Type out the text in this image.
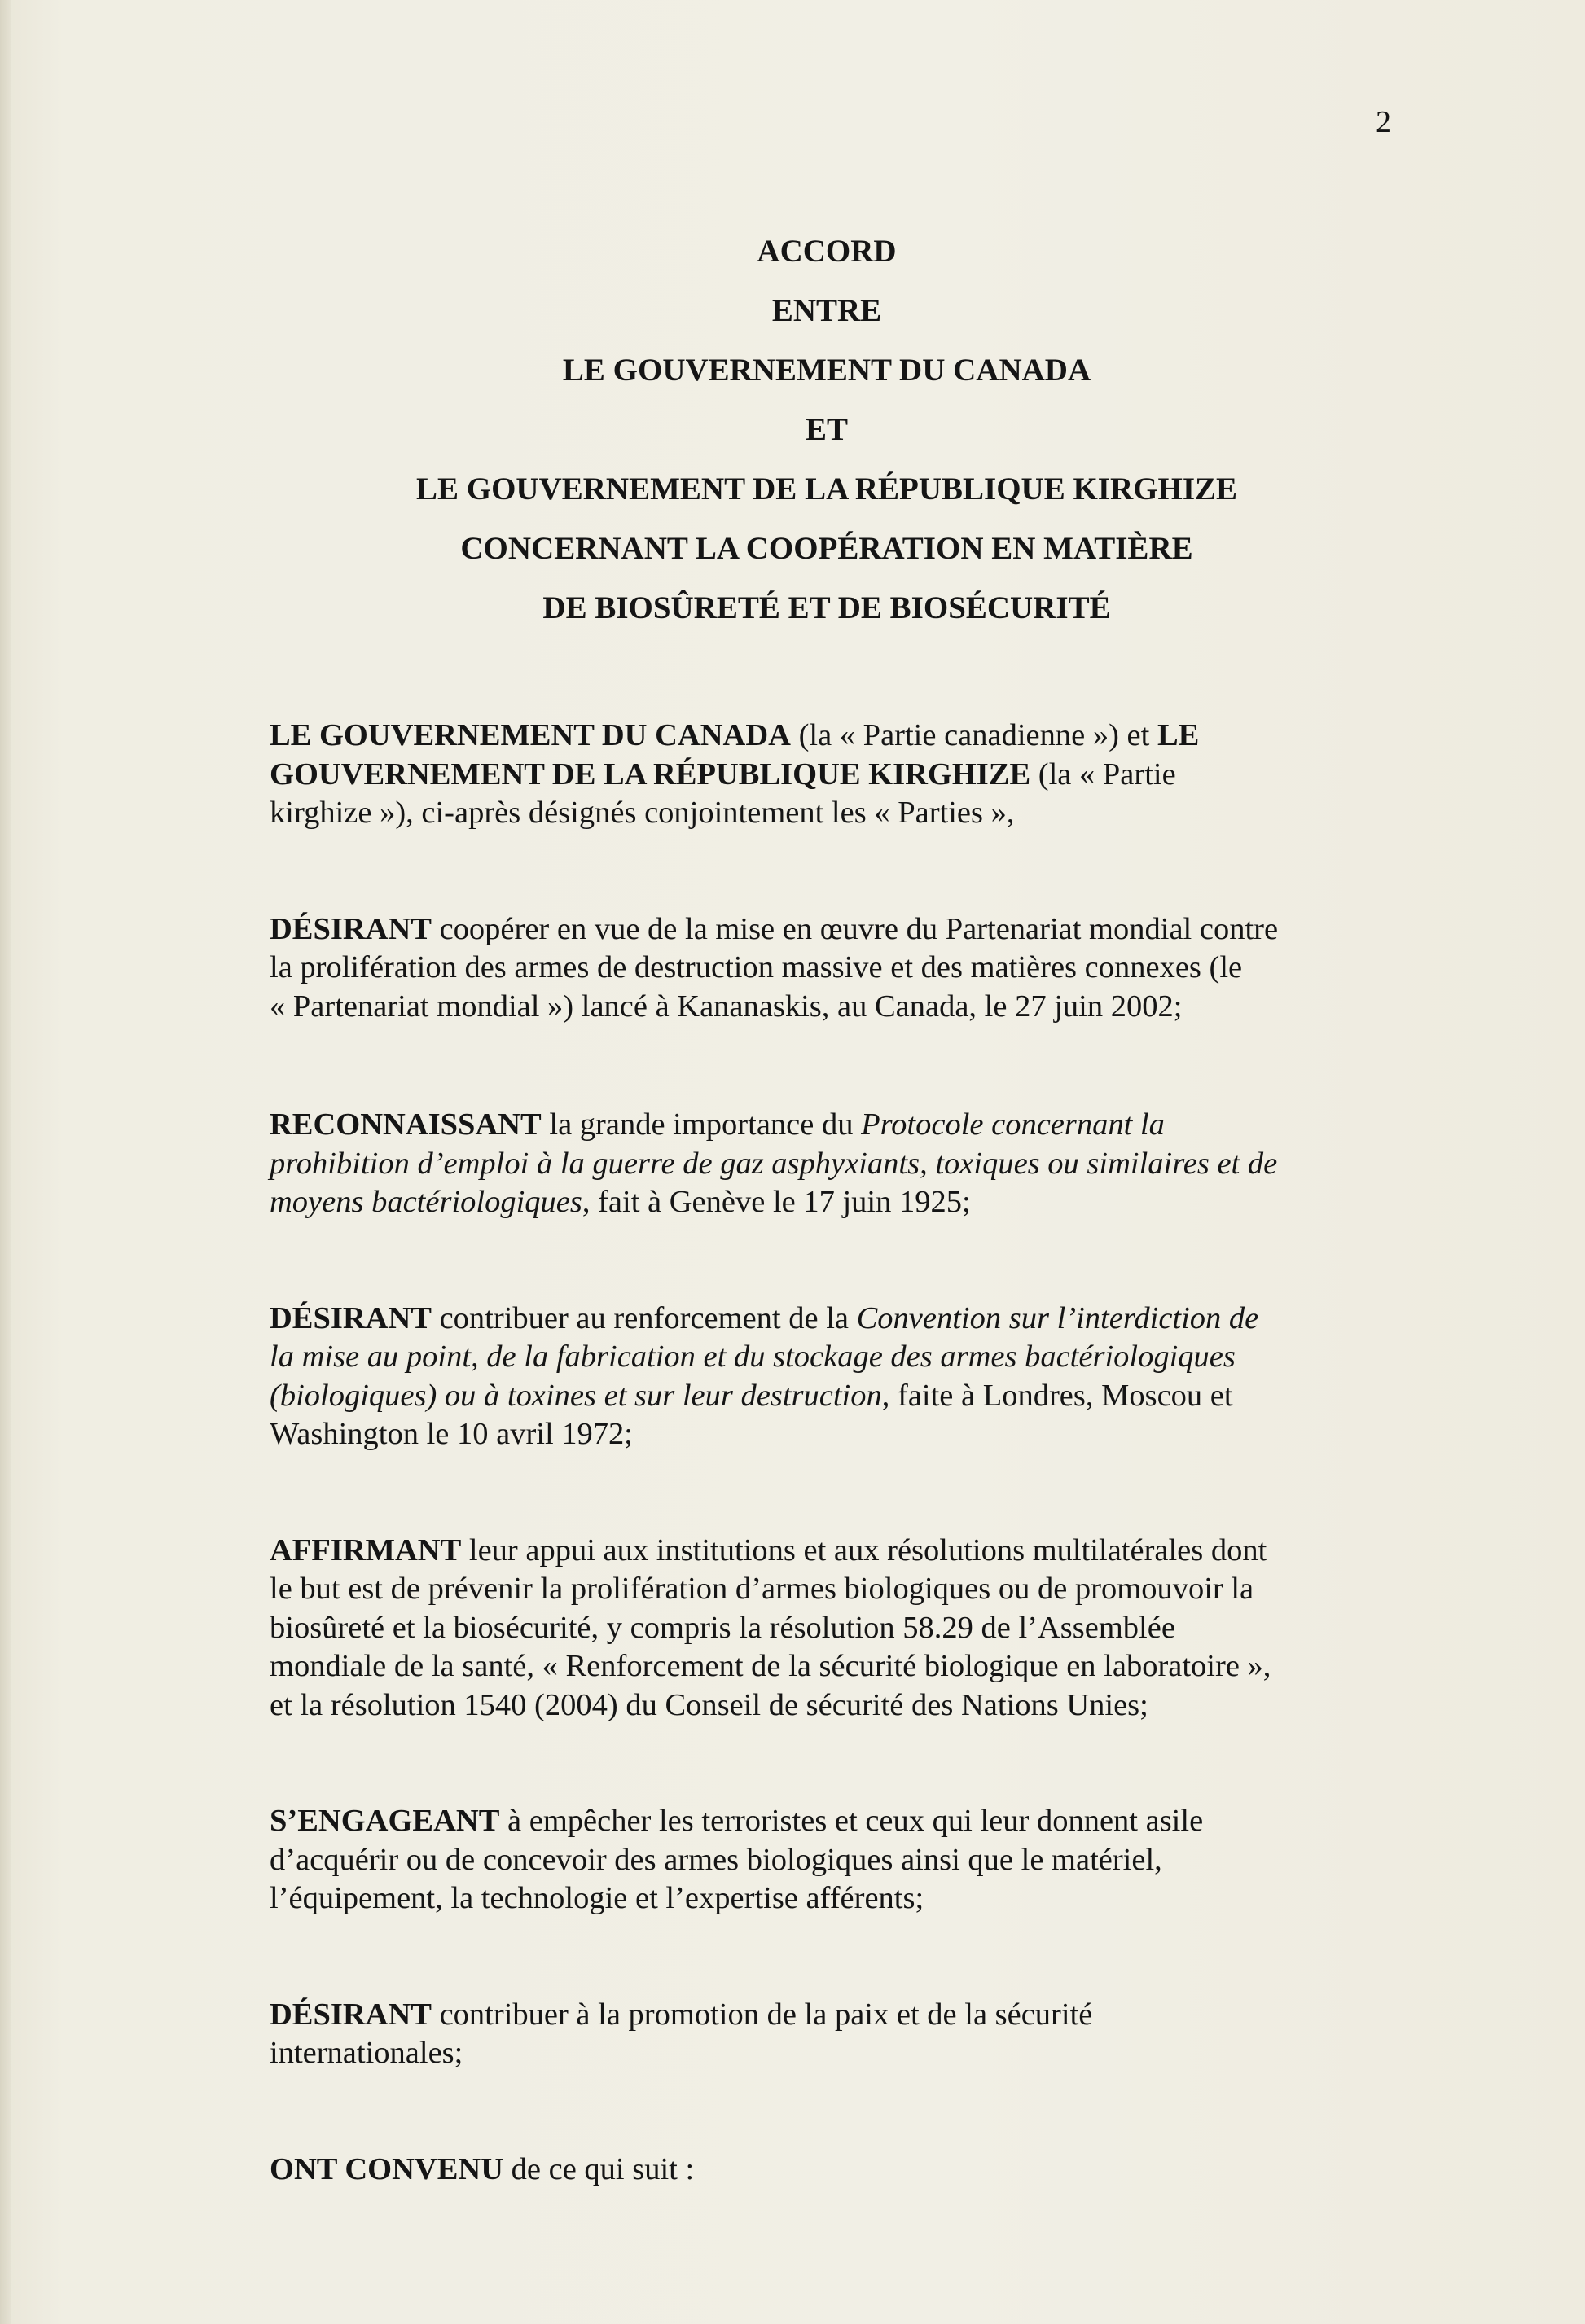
2
ACCORD
ENTRE
LE GOUVERNEMENT DU CANADA
ET
LE GOUVERNEMENT DE LA RÉPUBLIQUE KIRGHIZE
CONCERNANT LA COOPÉRATION EN MATIÈRE
DE BIOSÛRETÉ ET DE BIOSÉCURITÉ

LE GOUVERNEMENT DU CANADA (la « Partie canadienne ») et LE
GOUVERNEMENT DE LA RÉPUBLIQUE KIRGHIZE (la « Partie
kirghize »), ci-après désignés conjointement les « Parties »,

DÉSIRANT coopérer en vue de la mise en œuvre du Partenariat mondial contre
la prolifération des armes de destruction massive et des matières connexes (le
« Partenariat mondial ») lancé à Kananaskis, au Canada, le 27 juin 2002;

RECONNAISSANT la grande importance du Protocole concernant la
prohibition d’emploi à la guerre de gaz asphyxiants, toxiques ou similaires et de
moyens bactériologiques, fait à Genève le 17 juin 1925;

DÉSIRANT contribuer au renforcement de la Convention sur l’interdiction de
la mise au point, de la fabrication et du stockage des armes bactériologiques
(biologiques) ou à toxines et sur leur destruction, faite à Londres, Moscou et
Washington le 10 avril 1972;

AFFIRMANT leur appui aux institutions et aux résolutions multilatérales dont
le but est de prévenir la prolifération d’armes biologiques ou de promouvoir la
biosûreté et la biosécurité, y compris la résolution 58.29 de l’Assemblée
mondiale de la santé, « Renforcement de la sécurité biologique en laboratoire »,
et la résolution 1540 (2004) du Conseil de sécurité des Nations Unies;

S’ENGAGEANT à empêcher les terroristes et ceux qui leur donnent asile
d’acquérir ou de concevoir des armes biologiques ainsi que le matériel,
l’équipement, la technologie et l’expertise afférents;

DÉSIRANT contribuer à la promotion de la paix et de la sécurité
internationales;

ONT CONVENU de ce qui suit :
